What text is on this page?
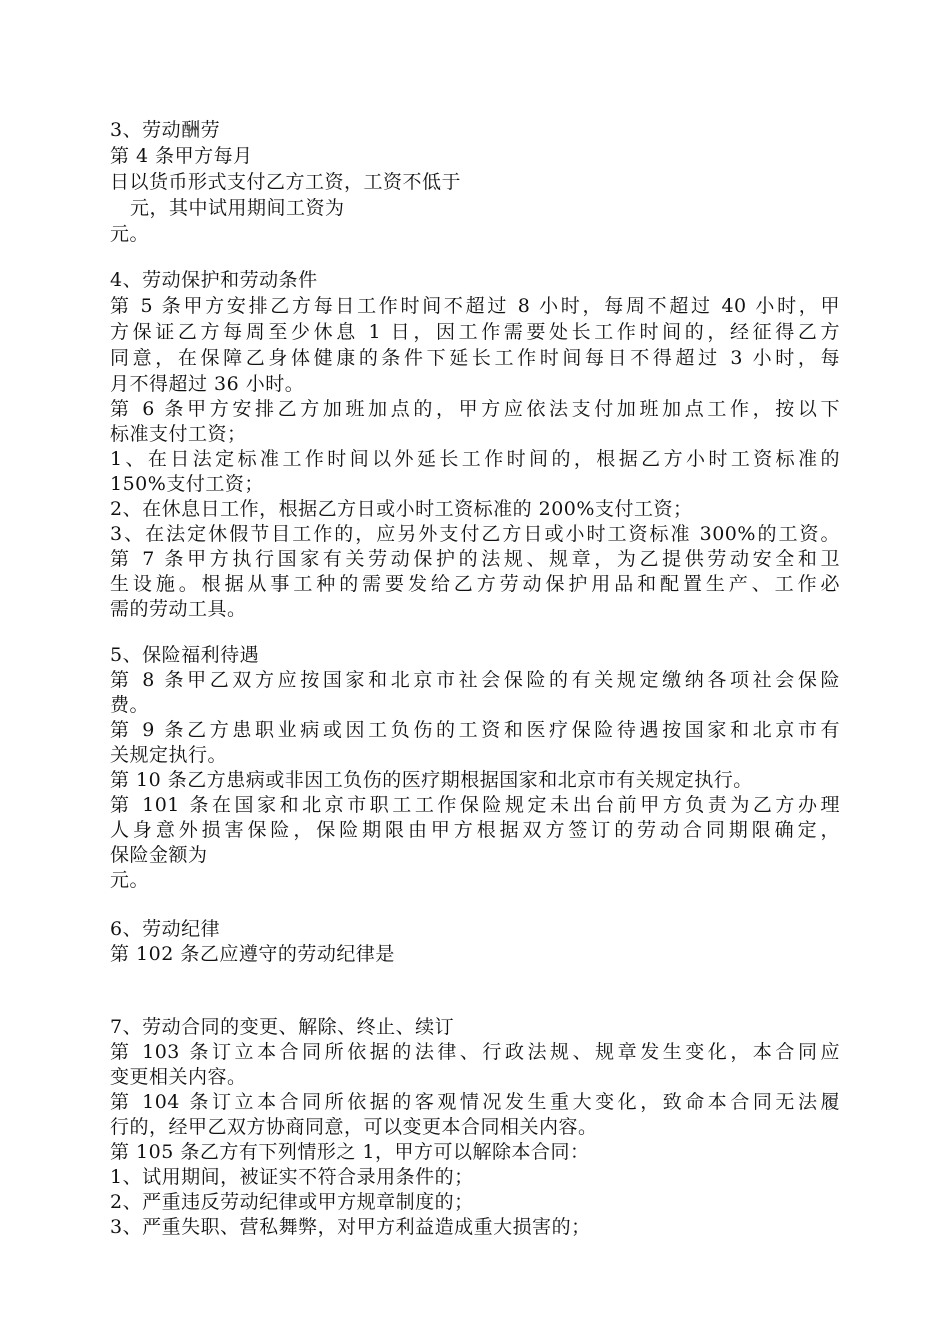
3、劳动酬劳
第 4 条甲方每月
日以货币形式支付乙方工资，工资不低于
元，其中试用期间工资为
元。
4、劳动保护和劳动条件
第 5 条甲方安排乙方每日工作时间不超过 8 小时，每周不超过 40 小时，甲
方保证乙方每周至少休息 1 日，因工作需要处长工作时间的，经征得乙方
同意，在保障乙身体健康的条件下延长工作时间每日不得超过 3 小时，每
月不得超过 36 小时。
第 6 条甲方安排乙方加班加点的，甲方应依法支付加班加点工作，按以下
标准支付工资；
1、在日法定标准工作时间以外延长工作时间的，根据乙方小时工资标准的
150%支付工资；
2、在休息日工作，根据乙方日或小时工资标准的 200%支付工资；
3、在法定休假节目工作的，应另外支付乙方日或小时工资标准 300%的工资。
第 7 条甲方执行国家有关劳动保护的法规、规章，为乙提供劳动安全和卫
生设施。根据从事工种的需要发给乙方劳动保护用品和配置生产、工作必
需的劳动工具。
5、保险福利待遇
第 8 条甲乙双方应按国家和北京市社会保险的有关规定缴纳各项社会保险
费。
第 9 条乙方患职业病或因工负伤的工资和医疗保险待遇按国家和北京市有
关规定执行。
第 10 条乙方患病或非因工负伤的医疗期根据国家和北京市有关规定执行。
第 101 条在国家和北京市职工工作保险规定未出台前甲方负责为乙方办理
人身意外损害保险，保险期限由甲方根据双方签订的劳动合同期限确定，
保险金额为
元。
6、劳动纪律
第 102 条乙应遵守的劳动纪律是
7、劳动合同的变更、解除、终止、续订
第 103 条订立本合同所依据的法律、行政法规、规章发生变化，本合同应
变更相关内容。
第 104 条订立本合同所依据的客观情况发生重大变化，致命本合同无法履
行的，经甲乙双方协商同意，可以变更本合同相关内容。
第 105 条乙方有下列情形之 1，甲方可以解除本合同：
1、试用期间，被证实不符合录用条件的；
2、严重违反劳动纪律或甲方规章制度的；
3、严重失职、营私舞弊，对甲方利益造成重大损害的；
